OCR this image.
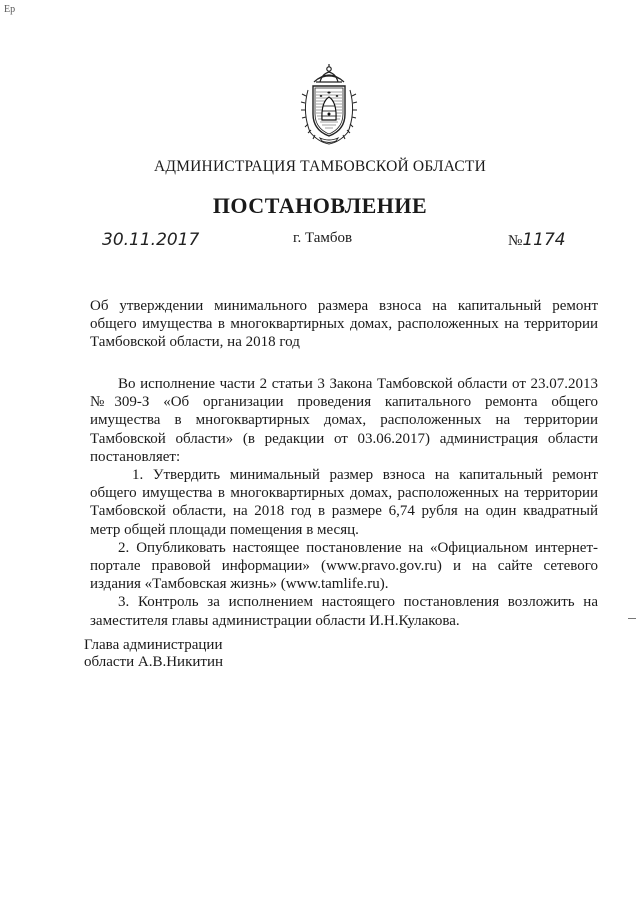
Ер
АДМИНИСТРАЦИЯ ТАМБОВСКОЙ ОБЛАСТИ
ПОСТАНОВЛЕНИЕ
30.11.2017	г. Тамбов	№1174
Об утверждении минимального размера взноса на капитальный ремонт общего имущества в многоквартирных домах, расположенных на территории Тамбовской области, на 2018 год

Во исполнение части 2 статьи 3 Закона Тамбовской области от 23.07.2013 №309-З «Об организации проведения капитального ремонта общего имущества в многоквартирных домах, расположенных на территории Тамбовской области» (в редакции от 03.06.2017) администрация области постановляет:

1. Утвердить минимальный размер взноса на капитальный ремонт общего имущества в многоквартирных домах, расположенных на территории Тамбовской области, на 2018 год в размере 6,74 рубля на один квадратный метр общей площади помещения в месяц.

2. Опубликовать настоящее постановление на «Официальном интернет-портале правовой информации» (www.pravo.gov.ru) и на сайте сетевого издания «Тамбовская жизнь» (www.tamlife.ru).

3. Контроль за исполнением настоящего постановления возложить на заместителя главы администрации области И.Н.Кулакова.

Глава администрации
области А.В.Никитин
